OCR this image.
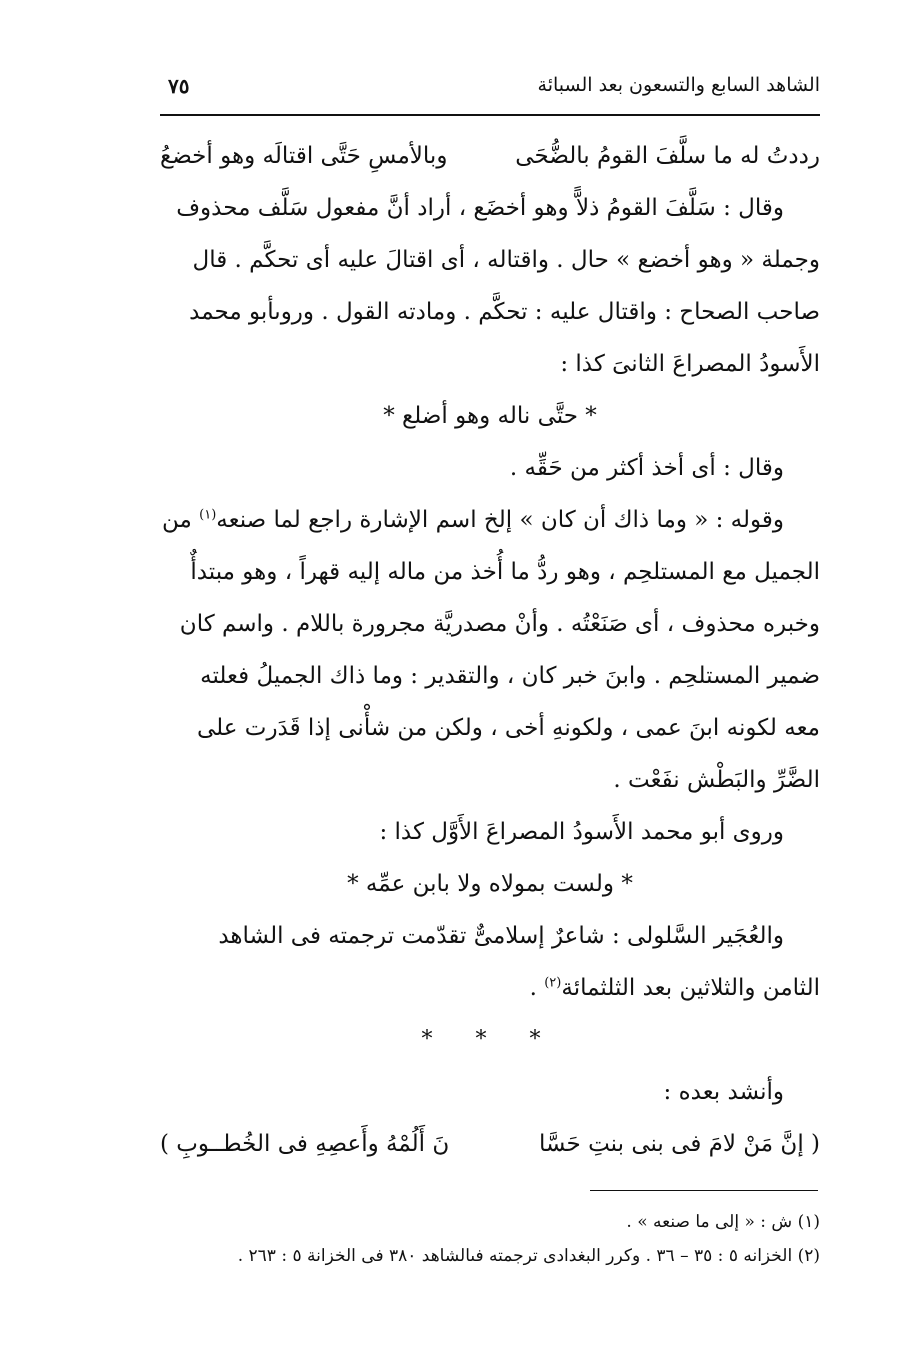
الشاهد السابع والتسعون بعد السبائة
٧٥
رددتُ له ما سلَّفَ القومُ بالضُّحَى
وبالأمسِ حَتَّى اقتالَه وهو أخضعُ
وقال : سَلَّفَ القومُ ذلاًّ وهو أخضَع ، أراد أنَّ مفعول سَلَّف محذوف
وجملة « وهو أخضع » حال . واقتاله ، أى اقتالَ عليه أى تحكَّم . قال
صاحب الصحاح : واقتال عليه : تحكَّم . ومادته القول . وروىأبو محمد
الأَسودُ المصراعَ الثانىَ كذا :
* حتَّى ناله وهو أضلع *
وقال : أى أخذ أكثر من حَقِّه .
وقوله : « وما ذاك أن كان » إلخ اسم الإشارة راجع لما صنعه$^{(١)}$ من
الجميل مع المستلحِم ، وهو ردُّ ما أُخذ من ماله إليه قهراً ، وهو مبتدأٌ
وخبره محذوف ، أى صَنَعْتُه . وأنْ مصدريَّة مجرورة باللام . واسم كان
ضمير المستلحِم . وابنَ خبر كان ، والتقدير : وما ذاك الجميلُ فعلته
معه لكونه ابنَ عمى ، ولكونهِ أخى ، ولكن من شأْنى إذا قَدَرت على
الضَّرِّ والبَطْش نفَعْت .
وروى أبو محمد الأَسودُ المصراعَ الأَوَّل كذا :
* ولست بمولاه ولا بابن عمِّه *
والعُجَير السَّلولى : شاعرٌ إسلامىٌّ تقدّمت ترجمته فى الشاهد
الثامن والثلاثين بعد الثلثمائة$^{(٢)}$ .
* * *
وأنشد بعده :
( إنَّ مَنْ لامَ فى بنى بنتِ حَسَّا
نَ أَلُمْهُ وأَعصِهِ فى الخُطــوبِ )
(١) ش : « إلى ما صنعه » .
(٢) الخزانه ٥ : ٣٥ – ٣٦ . وكرر البغدادى ترجمته فىالشاهد ٣٨٠ فى الخزانة ٥ : ٢٦٣ .
